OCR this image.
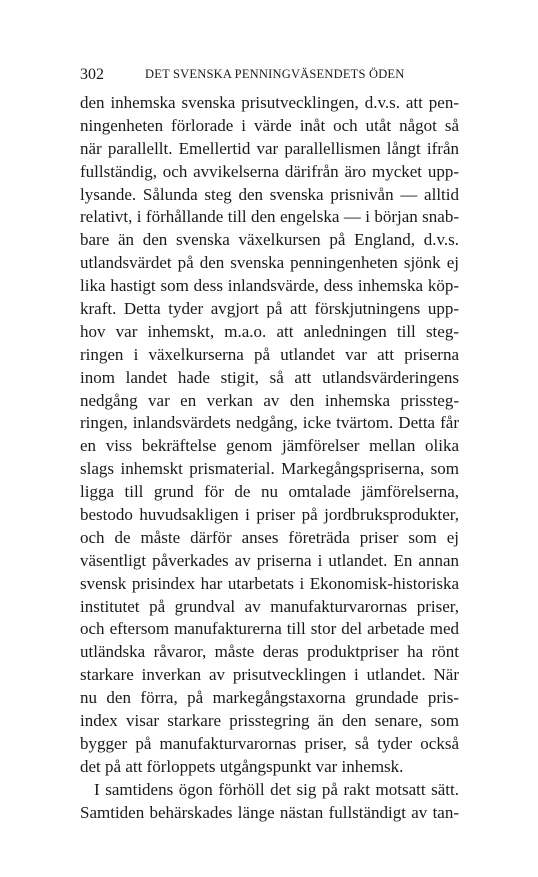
302	DET SVENSKA PENNINGVÄSENDETS ÖDEN
den inhemska svenska prisutvecklingen, d.v.s. att pen-
ningenheten förlorade i värde inåt och utåt något så
när parallellt. Emellertid var parallellismen långt ifrån
fullständig, och avvikelserna därifrån äro mycket upp-
lysande. Sålunda steg den svenska prisnivån — alltid
relativt, i förhållande till den engelska — i början snab-
bare än den svenska växelkursen på England, d.v.s.
utlandsvärdet på den svenska penningenheten sjönk ej
lika hastigt som dess inlandsvärde, dess inhemska köp-
kraft. Detta tyder avgjort på att förskjutningens upp-
hov var inhemskt, m.a.o. att anledningen till steg-
ringen i växelkurserna på utlandet var att priserna
inom landet hade stigit, så att utlandsvärderingens
nedgång var en verkan av den inhemska prissteg-
ringen, inlandsvärdets nedgång, icke tvärtom. Detta får
en viss bekräftelse genom jämförelser mellan olika
slags inhemskt prismaterial. Markegångspriserna, som
ligga till grund för de nu omtalade jämförelserna,
bestodo huvudsakligen i priser på jordbruksprodukter,
och de måste därför anses företräda priser som ej
väsentligt påverkades av priserna i utlandet. En annan
svensk prisindex har utarbetats i Ekonomisk-historiska
institutet på grundval av manufakturvarornas priser,
och eftersom manufakturerna till stor del arbetade med
utländska råvaror, måste deras produktpriser ha rönt
starkare inverkan av prisutvecklingen i utlandet. När
nu den förra, på markegångstaxorna grundade pris-
index visar starkare prisstegring än den senare, som
bygger på manufakturvarornas priser, så tyder också
det på att förloppets utgångspunkt var inhemsk.
I samtidens ögon förhöll det sig på rakt motsatt sätt.
Samtiden behärskades länge nästan fullständigt av tan-
